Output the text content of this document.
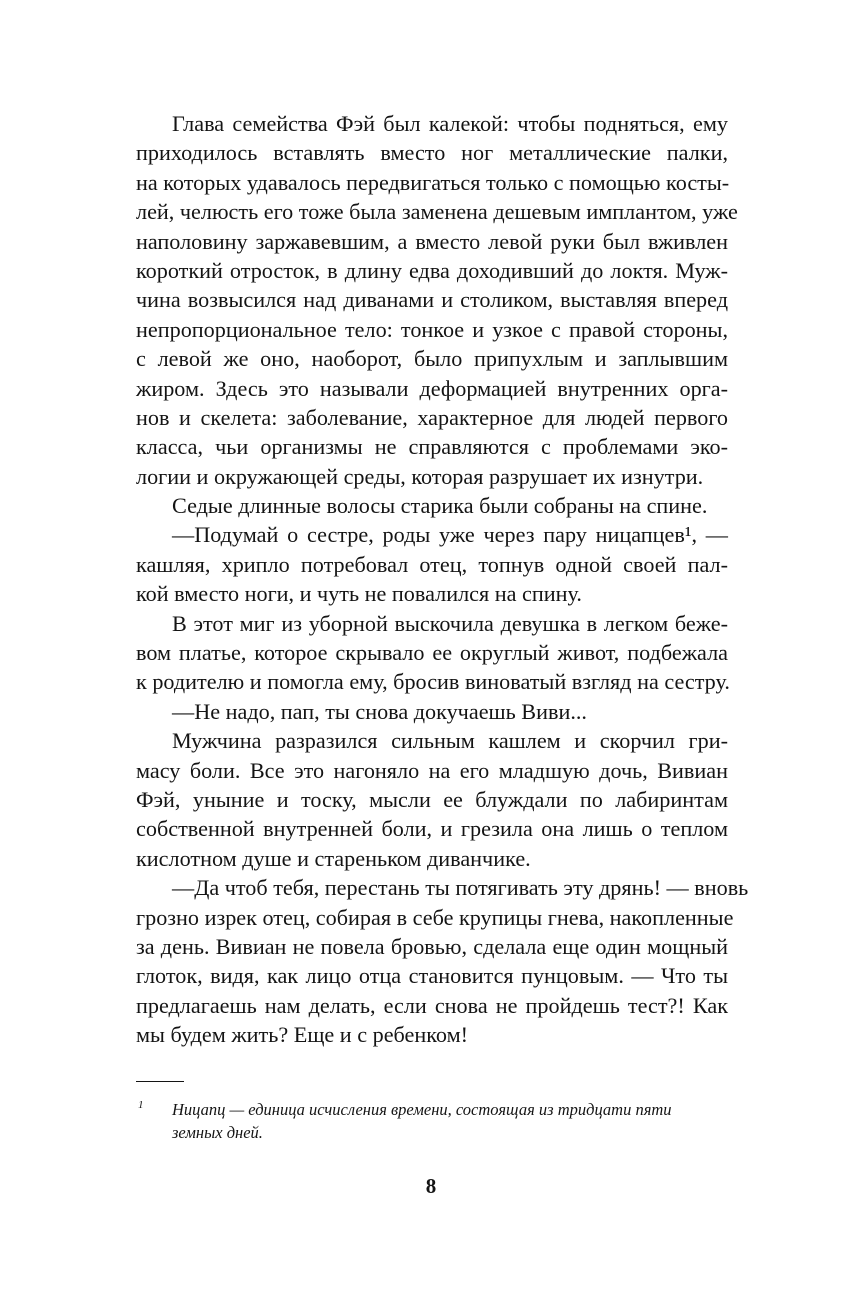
Глава семейства Фэй был калекой: чтобы подняться, ему
приходилось вставлять вместо ног металлические палки,
на которых удавалось передвигаться только с помощью косты-
лей, челюсть его тоже была заменена дешевым имплантом, уже
наполовину заржавевшим, а вместо левой руки был вживлен
короткий отросток, в длину едва доходивший до локтя. Муж-
чина возвысился над диванами и столиком, выставляя вперед
непропорциональное тело: тонкое и узкое с правой стороны,
с левой же оно, наоборот, было припухлым и заплывшим
жиром. Здесь это называли деформацией внутренних орга-
нов и скелета: заболевание, характерное для людей первого
класса, чьи организмы не справляются с проблемами эко-
логии и окружающей среды, которая разрушает их изнутри.
Седые длинные волосы старика были собраны на спине.
—Подумай о сестре, роды уже через пару ницапцев¹, —
кашляя, хрипло потребовал отец, топнув одной своей пал-
кой вместо ноги, и чуть не повалился на спину.
В этот миг из уборной выскочила девушка в легком беже-
вом платье, которое скрывало ее округлый живот, подбежала
к родителю и помогла ему, бросив виноватый взгляд на сестру.
—Не надо, пап, ты снова докучаешь Виви...
Мужчина разразился сильным кашлем и скорчил гри-
масу боли. Все это нагоняло на его младшую дочь, Вивиан
Фэй, уныние и тоску, мысли ее блуждали по лабиринтам
собственной внутренней боли, и грезила она лишь о теплом
кислотном душе и стареньком диванчике.
—Да чтоб тебя, перестань ты потягивать эту дрянь! — вновь
грозно изрек отец, собирая в себе крупицы гнева, накопленные
за день. Вивиан не повела бровью, сделала еще один мощный
глоток, видя, как лицо отца становится пунцовым. — Что ты
предлагаешь нам делать, если снова не пройдешь тест?! Как
мы будем жить? Еще и с ребенком!
1	Ницапц — единица исчисления времени, состоящая из тридцати пяти
земных дней.
8
